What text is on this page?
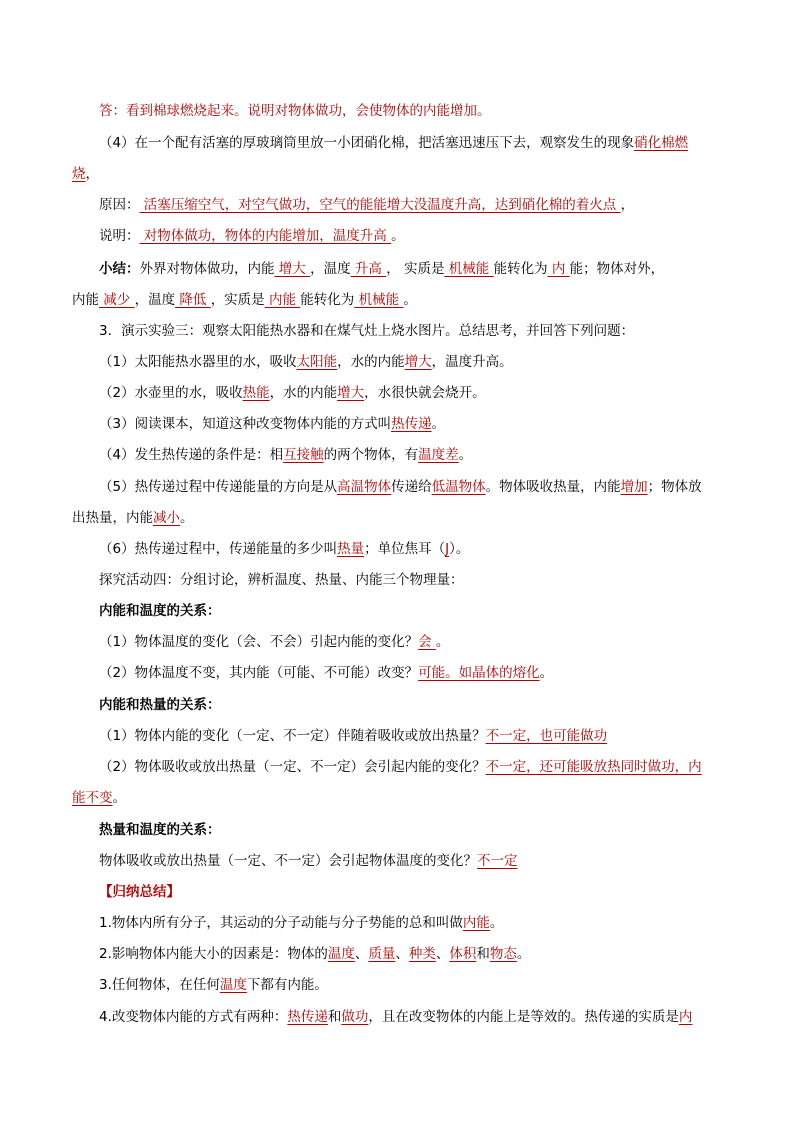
答：看到棉球燃烧起来。说明对物体做功，会使物体的内能增加。
（4）在一个配有活塞的厚玻璃筒里放一小团硝化棉，把活塞迅速压下去，观察发生的现象硝化棉燃
烧，
原因： 活塞压缩空气，对空气做功，空气的能能增大没温度升高，达到硝化棉的着火点 ，
说明： 对物体做功，物体的内能增加，温度升高 。
小结：外界对物体做功，内能 增大 ，温度 升高 ， 实质是 机械能 能转化为 内 能；物体对外，
内能 减少 ，温度 降低 ，实质是 内能 能转化为 机械能 。
3．演示实验三：观察太阳能热水器和在煤气灶上烧水图片。总结思考，并回答下列问题：
（1）太阳能热水器里的水，吸收太阳能，水的内能增大，温度升高。
（2）水壶里的水，吸收热能，水的内能增大，水很快就会烧开。
（3）阅读课本，知道这种改变物体内能的方式叫热传递。
（4）发生热传递的条件是：相互接触的两个物体，有温度差。
（5）热传递过程中传递能量的方向是从高温物体传递给低温物体。物体吸收热量，内能增加；物体放
出热量，内能减小。
（6）热传递过程中，传递能量的多少叫热量；单位焦耳（J）。
探究活动四：分组讨论，辨析温度、热量、内能三个物理量：
内能和温度的关系：
（1）物体温度的变化（会、不会）引起内能的变化？会 。
（2）物体温度不变，其内能（可能、不可能）改变？可能。如晶体的熔化。
内能和热量的关系：
（1）物体内能的变化（一定、不一定）伴随着吸收或放出热量？不一定，也可能做功
（2）物体吸收或放出热量（一定、不一定）会引起内能的变化？不一定，还可能吸放热同时做功，内
能不变。
热量和温度的关系：
物体吸收或放出热量（一定、不一定）会引起物体温度的变化？不一定
【归纳总结】
1.物体内所有分子，其运动的分子动能与分子势能的总和叫做内能。
2.影响物体内能大小的因素是：物体的温度、质量、种类、体积和物态。
3.任何物体，在任何温度下都有内能。
4.改变物体内能的方式有两种：热传递和做功，且在改变物体的内能上是等效的。热传递的实质是内
